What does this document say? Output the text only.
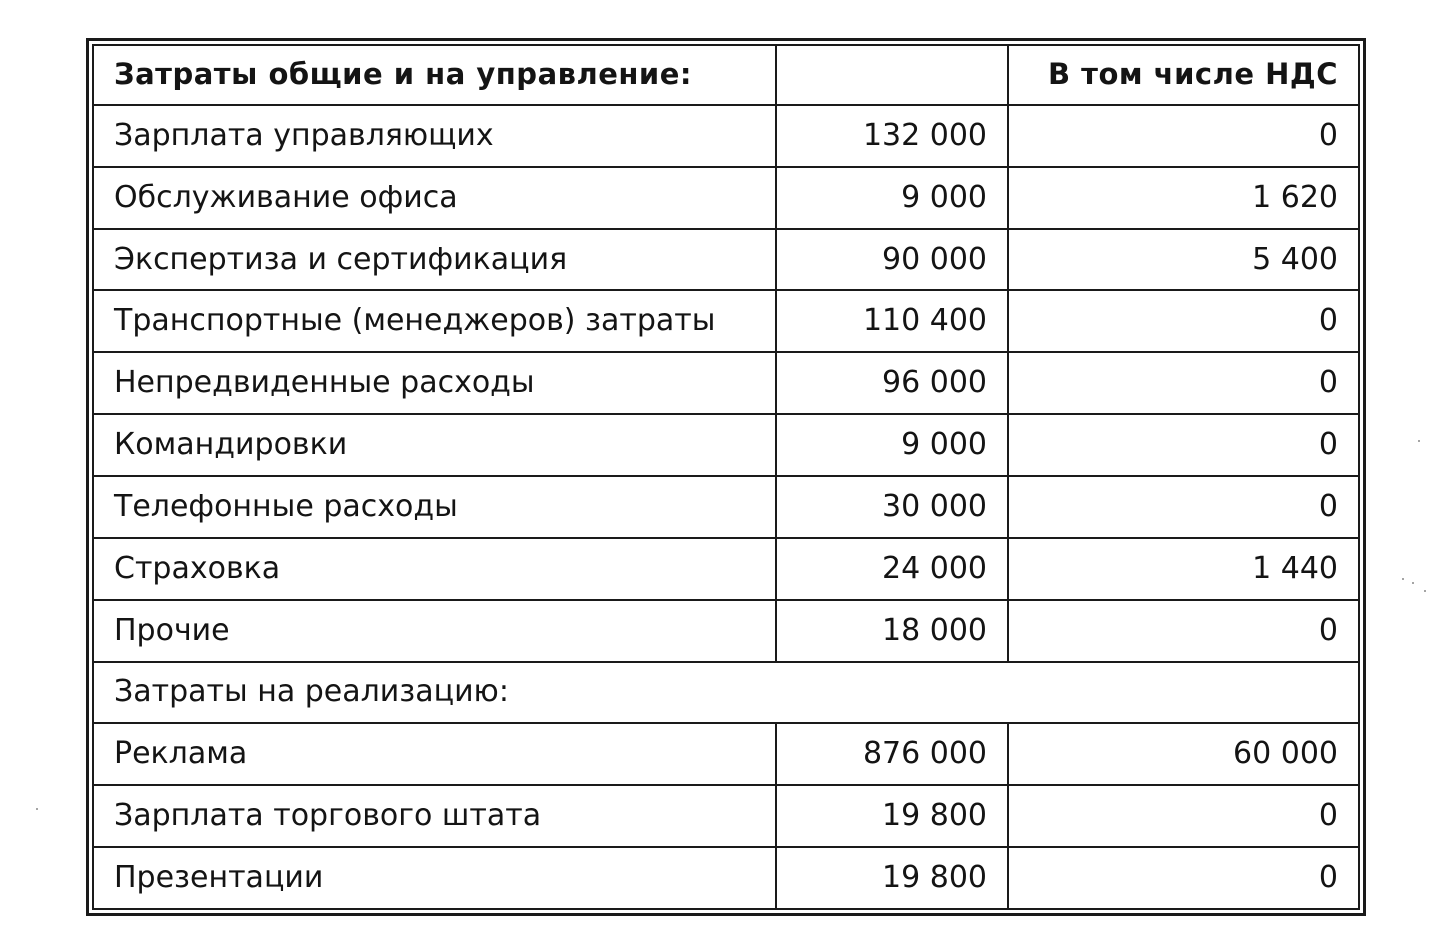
Затраты общие и на управление:		В том числе НДС
Зарплата управляющих	132 000	0
Обслуживание офиса	9 000	1 620
Экспертиза и сертификация	90 000	5 400
Транспортные (менеджеров) затраты	110 400	0
Непредвиденные расходы	96 000	0
Командировки	9 000	0
Телефонные расходы	30 000	0
Страховка	24 000	1 440
Прочие	18 000	0
Затраты на реализацию:		
Реклама	876 000	60 000
Зарплата торгового штата	19 800	0
Презентации	19 800	0
